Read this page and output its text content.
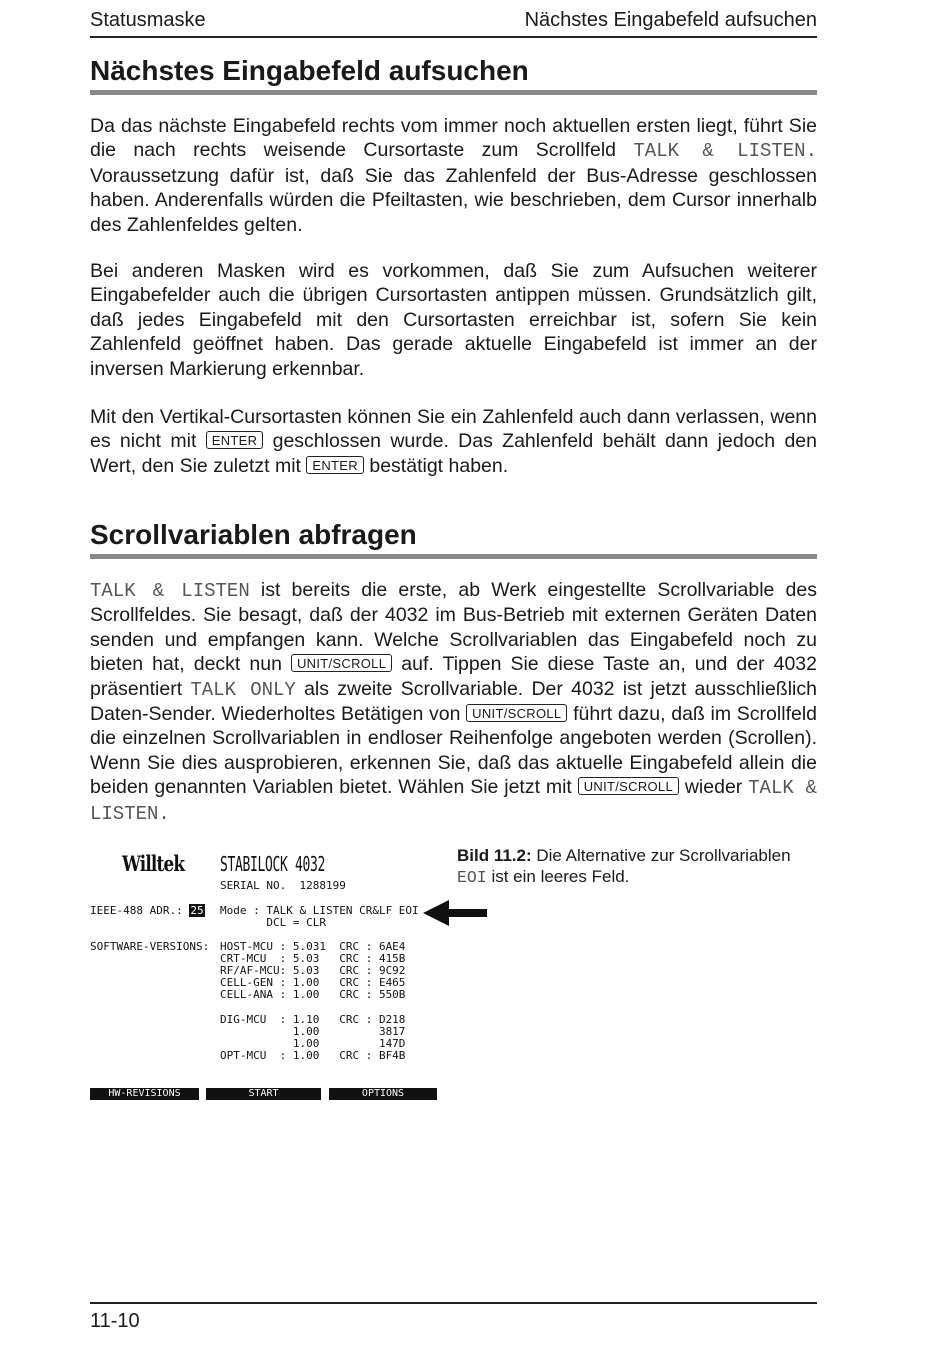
Statusmaske	Nächstes Eingabefeld aufsuchen
Nächstes Eingabefeld aufsuchen

Da das nächste Eingabefeld rechts vom immer noch aktuellen ersten liegt, führt Sie die nach rechts weisende Cursortaste zum Scrollfeld TALK & LISTEN. Voraussetzung dafür ist, daß Sie das Zahlenfeld der Bus-Adresse geschlossen haben. Anderenfalls würden die Pfeiltasten, wie beschrieben, dem Cursor innerhalb des Zahlenfeldes gelten.

Bei anderen Masken wird es vorkommen, daß Sie zum Aufsuchen weiterer Eingabefelder auch die übrigen Cursortasten antippen müssen. Grundsätzlich gilt, daß jedes Eingabefeld mit den Cursortasten erreichbar ist, sofern Sie kein Zahlenfeld geöffnet haben. Das gerade aktuelle Eingabefeld ist immer an der inversen Markierung erkennbar.

Mit den Vertikal-Cursortasten können Sie ein Zahlenfeld auch dann verlassen, wenn es nicht mit ENTER geschlossen wurde. Das Zahlenfeld behält dann jedoch den Wert, den Sie zuletzt mit ENTER bestätigt haben.

Scrollvariablen abfragen

TALK & LISTEN ist bereits die erste, ab Werk eingestellte Scrollvariable des Scrollfeldes. Sie besagt, daß der 4032 im Bus-Betrieb mit externen Geräten Daten senden und empfangen kann. Welche Scrollvariablen das Eingabefeld noch zu bieten hat, deckt nun UNIT/SCROLL auf. Tippen Sie diese Taste an, und der 4032 präsentiert TALK ONLY als zweite Scrollvariable. Der 4032 ist jetzt ausschließlich Daten-Sender. Wiederholtes Betätigen von UNIT/SCROLL führt dazu, daß im Scrollfeld die einzelnen Scrollvariablen in endloser Reihenfolge angeboten werden (Scrollen). Wenn Sie dies ausprobieren, erkennen Sie, daß das aktuelle Eingabefeld allein die beiden genannten Variablen bietet. Wählen Sie jetzt mit UNIT/SCROLL wieder TALK & LISTEN.

Willtek STABILOCK 4032
SERIAL NO.  1288199
IEEE-488 ADR.: 25 Mode : TALK & LISTEN CR&LF EOI
DCL = CLR
SOFTWARE-VERSIONS: HOST-MCU : 5.031  CRC : 6AE4
CRT-MCU  : 5.03   CRC : 415B
RF/AF-MCU: 5.03   CRC : 9C92
CELL-GEN : 1.00   CRC : E465
CELL-ANA : 1.00   CRC : 550B
DIG-MCU  : 1.10   CRC : D218
1.00         3817
1.00         147D
OPT-MCU  : 1.00   CRC : BF4B
HW-REVISIONS	START	OPTIONS
Bild 11.2: Die Alternative zur Scrollvariablen
EOI ist ein leeres Feld.
11-10
